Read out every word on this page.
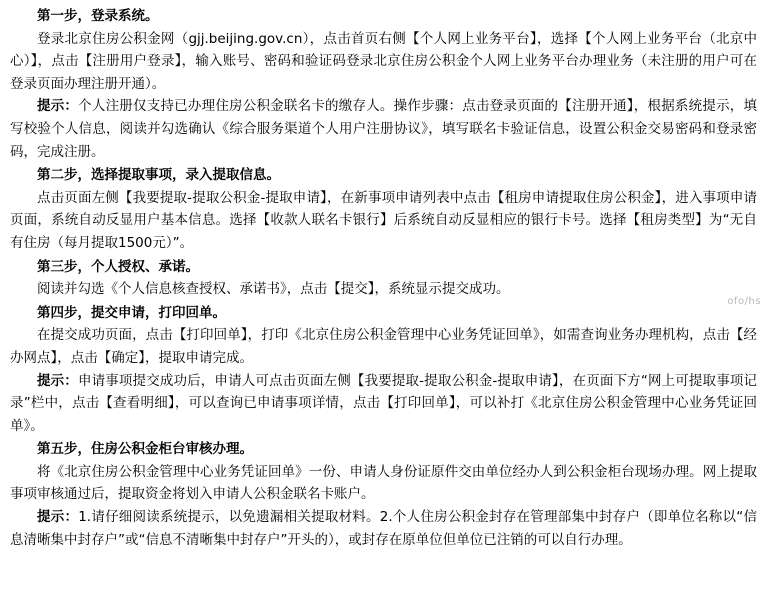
第一步，登录系统。

登录北京住房公积金网（gjj.beijing.gov.cn），点击首页右侧【个人网上业务平台】，选择【个人网上业务平台（北京中心）】，点击【注册用户登录】，输入账号、密码和验证码登录北京住房公积金个人网上业务平台办理业务（未注册的用户可在登录页面办理注册开通）。

提示：个人注册仅支持已办理住房公积金联名卡的缴存人。操作步骤：点击登录页面的【注册开通】，根据系统提示，填写校验个人信息，阅读并勾选确认《综合服务渠道个人用户注册协议》，填写联名卡验证信息，设置公积金交易密码和登录密码，完成注册。

第二步，选择提取事项，录入提取信息。

点击页面左侧【我要提取-提取公积金-提取申请】，在新事项申请列表中点击【租房申请提取住房公积金】，进入事项申请页面，系统自动反显用户基本信息。选择【收款人联名卡银行】后系统自动反显相应的银行卡号。选择【租房类型】为“无自有住房（每月提取1500元）”。

第三步，个人授权、承诺。

阅读并勾选《个人信息核查授权、承诺书》，点击【提交】，系统显示提交成功。

第四步，提交申请，打印回单。

在提交成功页面，点击【打印回单】，打印《北京住房公积金管理中心业务凭证回单》，如需查询业务办理机构，点击【经办网点】，点击【确定】，提取申请完成。

提示：申请事项提交成功后，申请人可点击页面左侧【我要提取-提取公积金-提取申请】，在页面下方“网上可提取事项记录”栏中，点击【查看明细】，可以查询已申请事项详情，点击【打印回单】，可以补打《北京住房公积金管理中心业务凭证回单》。

第五步，住房公积金柜台审核办理。

将《北京住房公积金管理中心业务凭证回单》一份、申请人身份证原件交由单位经办人到公积金柜台现场办理。网上提取事项审核通过后，提取资金将划入申请人公积金联名卡账户。

提示：1.请仔细阅读系统提示，以免遗漏相关提取材料。2.个人住房公积金封存在管理部集中封存户（即单位名称以“信息清晰集中封存户”或“信息不清晰集中封存户”开头的），或封存在原单位但单位已注销的可以自行办理。

ofo/hs
